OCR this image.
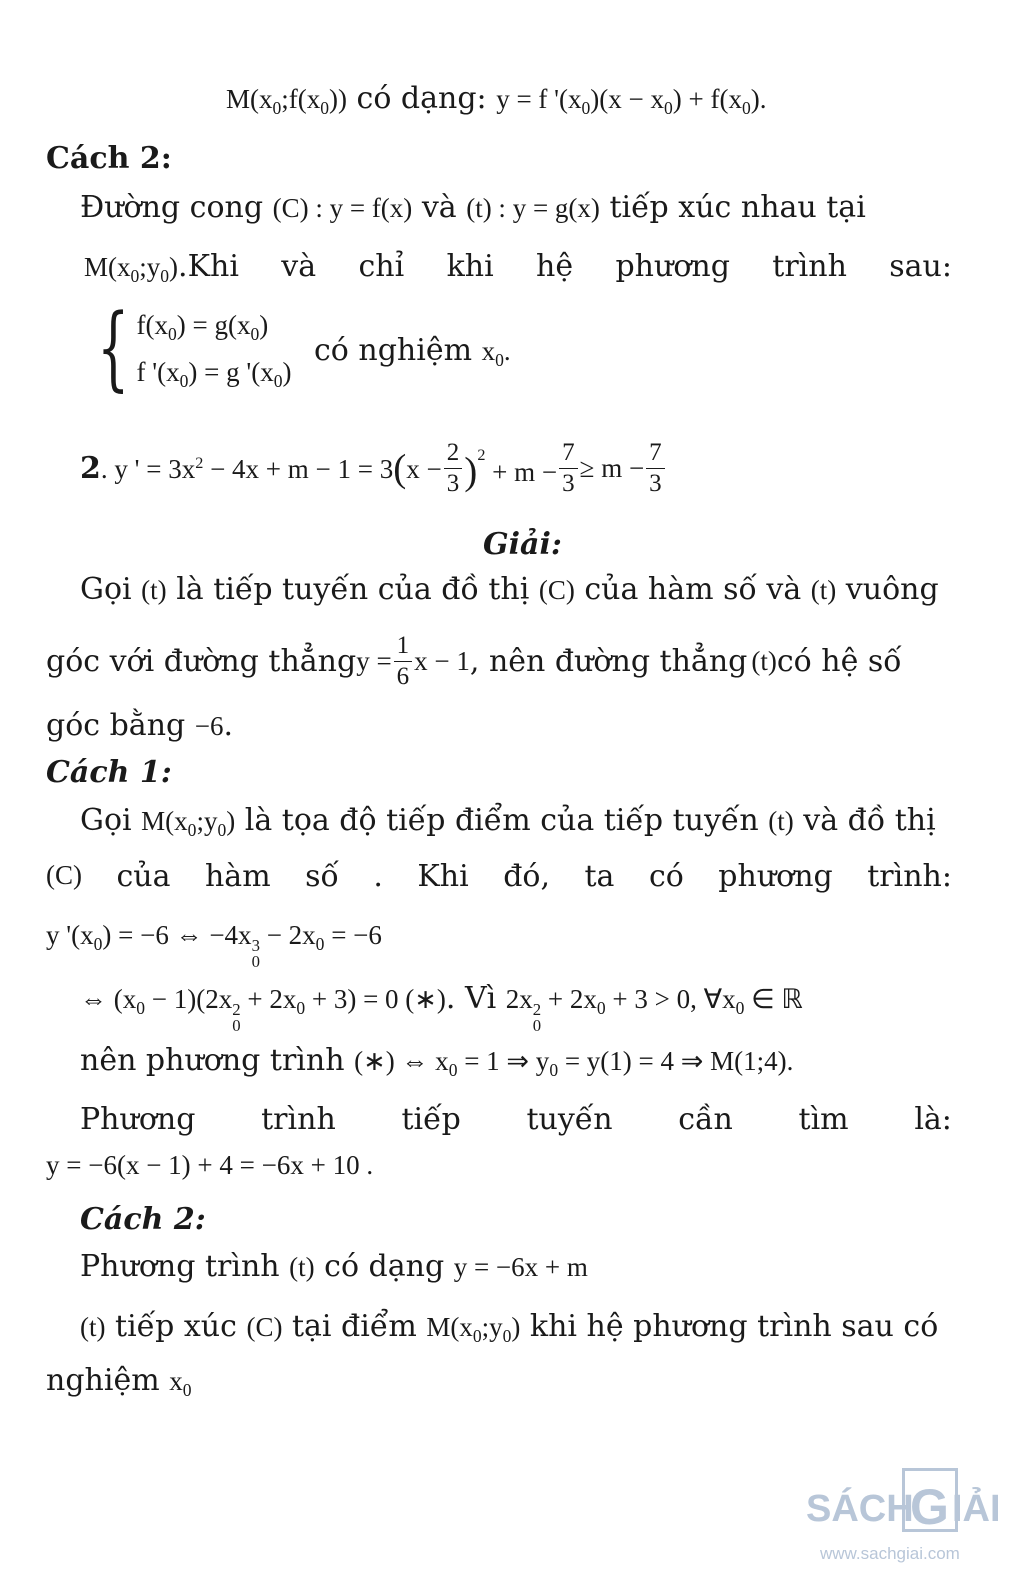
$M(x_0;f(x_0))$ có dạng: y = f '$(x_0)(x - x_0) + f(x_0)$.
Cách 2:
Đường cong (C) : y = f(x) và (t) : y = g(x) tiếp xúc nhau tại
$M(x_0;y_0).Khi$ và chỉ khi hệ phương trình sau:
{ $f(x_0) = g(x_0)$
f '$(x_0) = g$ '$(x_0)$
có nghiệm $x_0$.
2 . y ' = $3x^2 - 4x + m - 1 = 3(x - \frac{2}{3} )^2 + m - \frac{7}{3} \ge m - \frac{7}{3}$
Giải:
Gọi (t) là tiếp tuyến của đồ thị (C) của hàm số và (t) vuông
góc với đường thẳng $y = \frac{1}{6}$ x − 1 , nên đường thẳng (t) có hệ số
góc bằng −6.
Cách 1:
Gọi $M(x_0;y_0)$ là tọa độ tiếp điểm của tiếp tuyến (t) và đồ thị
(C) của hàm số . Khi đó, ta có phương trình:
y '$(x_0) = -6$ ⇔ −4x 3
0
− $2x_0 = -6$
⇔ $(x_0 - 1)(2x$ 2
0
+ $2x_0 + 3) = 0$ (∗). Vì 2x 2
0
+ $2x_0 + 3 > 0$, $\forall x_0$ ∈ ℝ
nên phương trình (∗) ⇔ $x_0 = 1$ ⇒ $y_0 = y(1) = 4$ ⇒ M(1;4).
Phương trình tiếp tuyến cần tìm là:
y = −6(x − 1) + 4 = −6x + 10 .
Cách 2:
Phương trình (t) có dạng y = −6x + m
(t) tiếp xúc (C) tại điểm $M(x_0;y_0)$ khi hệ phương trình sau có
nghiệm $x_0$
SÁCH
G IẢI
www.sachgiai.com
